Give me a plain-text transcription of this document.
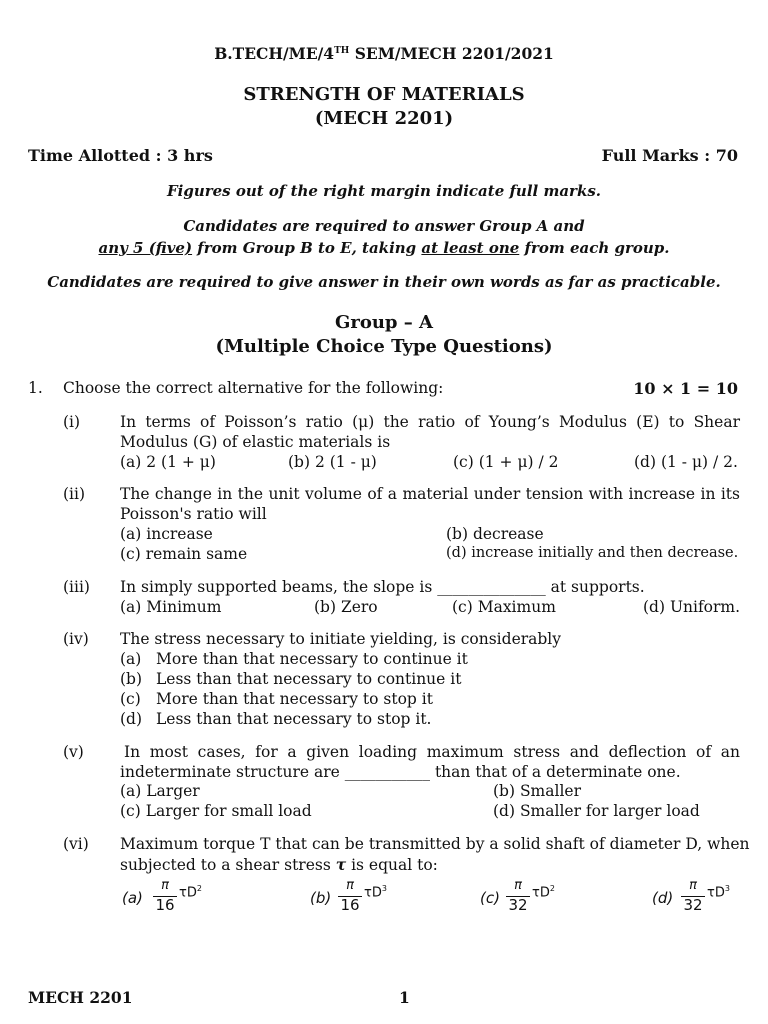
B.TECH/ME/4TH SEM/MECH 2201/2021
STRENGTH OF MATERIALS
(MECH 2201)
Time Allotted : 3 hrs	Full Marks : 70
Figures out of the right margin indicate full marks.
Candidates are required to answer Group A and
any 5 (five) from Group B to E, taking at least one from each group.
Candidates are required to give answer in their own words as far as practicable.
Group – A
(Multiple Choice Type Questions)
1. Choose the correct alternative for the following:	10 × 1 = 10
(i)	In terms of Poisson’s ratio (μ) the ratio of Young’s Modulus (E) to Shear
Modulus (G) of elastic materials is
(a) 2 (1 + μ)	(b) 2 (1 - μ)	(c) (1 + μ) / 2	(d) (1 - μ) / 2.
(ii) The change in the unit volume of a material under tension with increase in its
Poisson's ratio will
(a) increase	(b) decrease
(c) remain same	(d) increase initially and then decrease.
(iii) In simply supported beams, the slope is ______________ at supports.
(a) Minimum	(b) Zero	(c) Maximum	(d) Uniform.
(iv) The stress necessary to initiate yielding, is considerably
(a) More than that necessary to continue it
(b) Less than that necessary to continue it
(c) More than that necessary to stop it
(d) Less than that necessary to stop it.
(v)	In most cases, for a given loading maximum stress and deflection of an
indeterminate structure are ___________ than that of a determinate one.
(a) Larger	(b) Smaller
(c) Larger for small load	(d) Smaller for larger load
(vi) Maximum torque T that can be transmitted by a solid shaft of diameter D, when
subjected to a shear stress τ is equal to:
(a)
π
16
$\tau D^2$
(b)
π
16
$\tau D^3$
(c)
π
32
$\tau D^2$
(d)
π
32
$\tau D^3$
MECH 2201	1
